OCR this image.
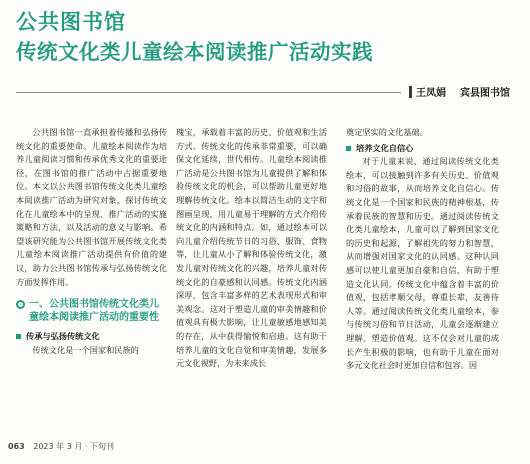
公共图书馆
传统文化类儿童绘本阅读推广活动实践
王凤娟 宾县图书馆

公共图书馆一直承担着传播和弘扬传统文化的重要使命。儿童绘本阅读作为培养儿童阅读习惯和传承优秀文化的重要途径，在图书馆的推广活动中占据重要地位。本文以公共图书馆传统文化类儿童绘本阅读推广活动为研究对象，探讨传统文化在儿童绘本中的呈现、推广活动的实施策略和方法，以及活动的意义与影响。希望该研究能为公共图书馆开展传统文化类儿童绘本阅读推广活动提供有价值的建议，助力公共图书馆传承与弘扬传统文化方面发挥作用。

一、公共图书馆传统文化类儿童绘本阅读推广活动的重要性
传承与弘扬传统文化

传统文化是一个国家和民族的

瑰宝，承载着丰富的历史、价值观和生活方式。传统文化的传承非常重要，可以确保文化延续，世代相传。儿童绘本阅读推广活动是公共图书馆为儿童提供了解和体验传统文化的机会，可以帮助儿童更好地理解传统文化。绘本以简洁生动的文字和图画呈现，用儿童易于理解的方式介绍传统文化的内涵和特点。如，通过绘本可以向儿童介绍传统节日的习俗、服饰、食物等，让儿童从小了解和体验传统文化，激发儿童对传统文化的兴趣，培养儿童对传统文化的自豪感和认同感。传统文化内涵深厚，包含丰富多样的艺术表现形式和审美观念。这对于塑造儿童的审美情趣和价值观具有极大影响，让儿童敏感地感知美的存在，从中获得愉悦和启迪。这有助于培养儿童的文化自觉和审美情趣，发展多元文化视野，为未来成长

奠定坚实的文化基础。

培养文化自信心

对于儿童来说，通过阅读传统文化类绘本，可以接触到许多有关历史、价值观和习俗的故事，从而培养文化自信心。传统文化是一个国家和民族的精神根基，传承着民族的智慧和历史。通过阅读传统文化类儿童绘本，儿童可以了解到国家文化的历史和起源，了解祖先的努力和智慧，从而增强对国家文化的认同感。这种认同感可以使儿童更加自豪和自信，有助于塑造文化认同。传统文化中蕴含着丰富的价值观，包括孝顺父母，尊重长辈，友善待人等。通过阅读传统文化类儿童绘本，参与传统习俗和节日活动，儿童会逐渐建立理解、塑造价值观。这不仅会对儿童的成长产生积极的影响，也有助于儿童在面对多元文化社会时更加自信和包容。因

063 2023 年 3 月 · 下旬刊
